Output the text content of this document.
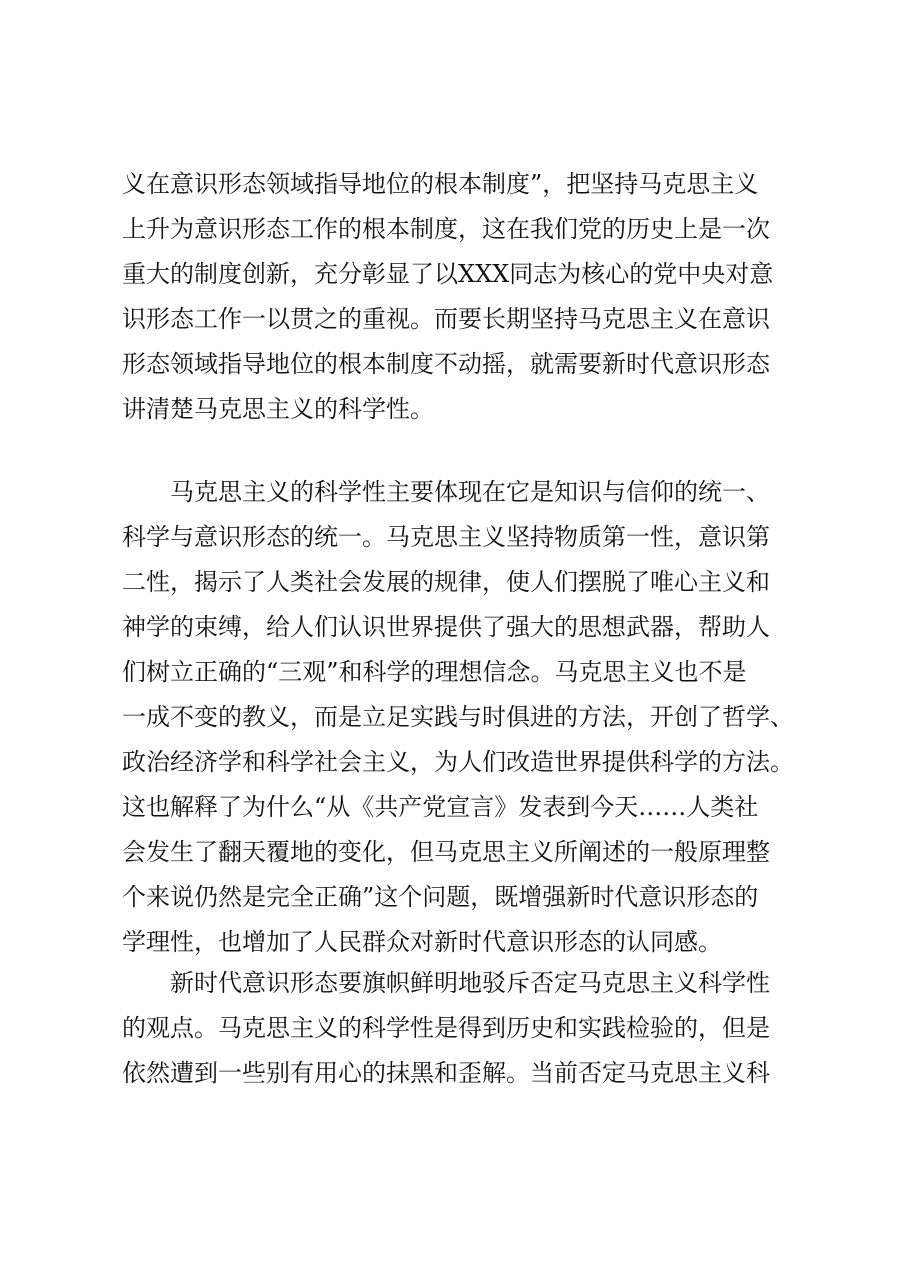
义在意识形态领域指导地位的根本制度”，把坚持马克思主义
上升为意识形态工作的根本制度，这在我们党的历史上是一次
重大的制度创新，充分彰显了以XXX同志为核心的党中央对意
识形态工作一以贯之的重视。而要长期坚持马克思主义在意识
形态领域指导地位的根本制度不动摇，就需要新时代意识形态
讲清楚马克思主义的科学性。
马克思主义的科学性主要体现在它是知识与信仰的统一、
科学与意识形态的统一。马克思主义坚持物质第一性，意识第
二性，揭示了人类社会发展的规律，使人们摆脱了唯心主义和
神学的束缚，给人们认识世界提供了强大的思想武器，帮助人
们树立正确的“三观”和科学的理想信念。马克思主义也不是
一成不变的教义，而是立足实践与时俱进的方法，开创了哲学、
政治经济学和科学社会主义，为人们改造世界提供科学的方法。
这也解释了为什么“从《共产党宣言》发表到今天……人类社
会发生了翻天覆地的变化，但马克思主义所阐述的一般原理整
个来说仍然是完全正确”这个问题，既增强新时代意识形态的
学理性，也增加了人民群众对新时代意识形态的认同感。
新时代意识形态要旗帜鲜明地驳斥否定马克思主义科学性
的观点。马克思主义的科学性是得到历史和实践检验的，但是
依然遭到一些别有用心的抹黑和歪解。当前否定马克思主义科
